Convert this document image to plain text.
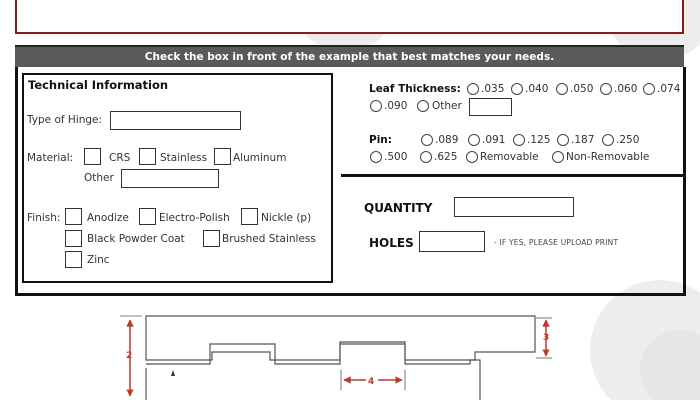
Check the box in front of the example that best matches your needs.
Technical Information
Type of Hinge:
Material:	CRS	Stainless Aluminum
Other
Finish:	Anodize	Electro-Polish	Nickle (p)
Black Powder Coat	Brushed Stainless
Zinc
Leaf Thickness: .035 .040 .050 .060 .074
.090 Other
Pin:	.089 .091 .125 .187 .250
.500	.625 Removable	Non-Removable
QUANTITY
HOLES	- IF YES, PLEASE UPLOAD PRINT
2
3
4
